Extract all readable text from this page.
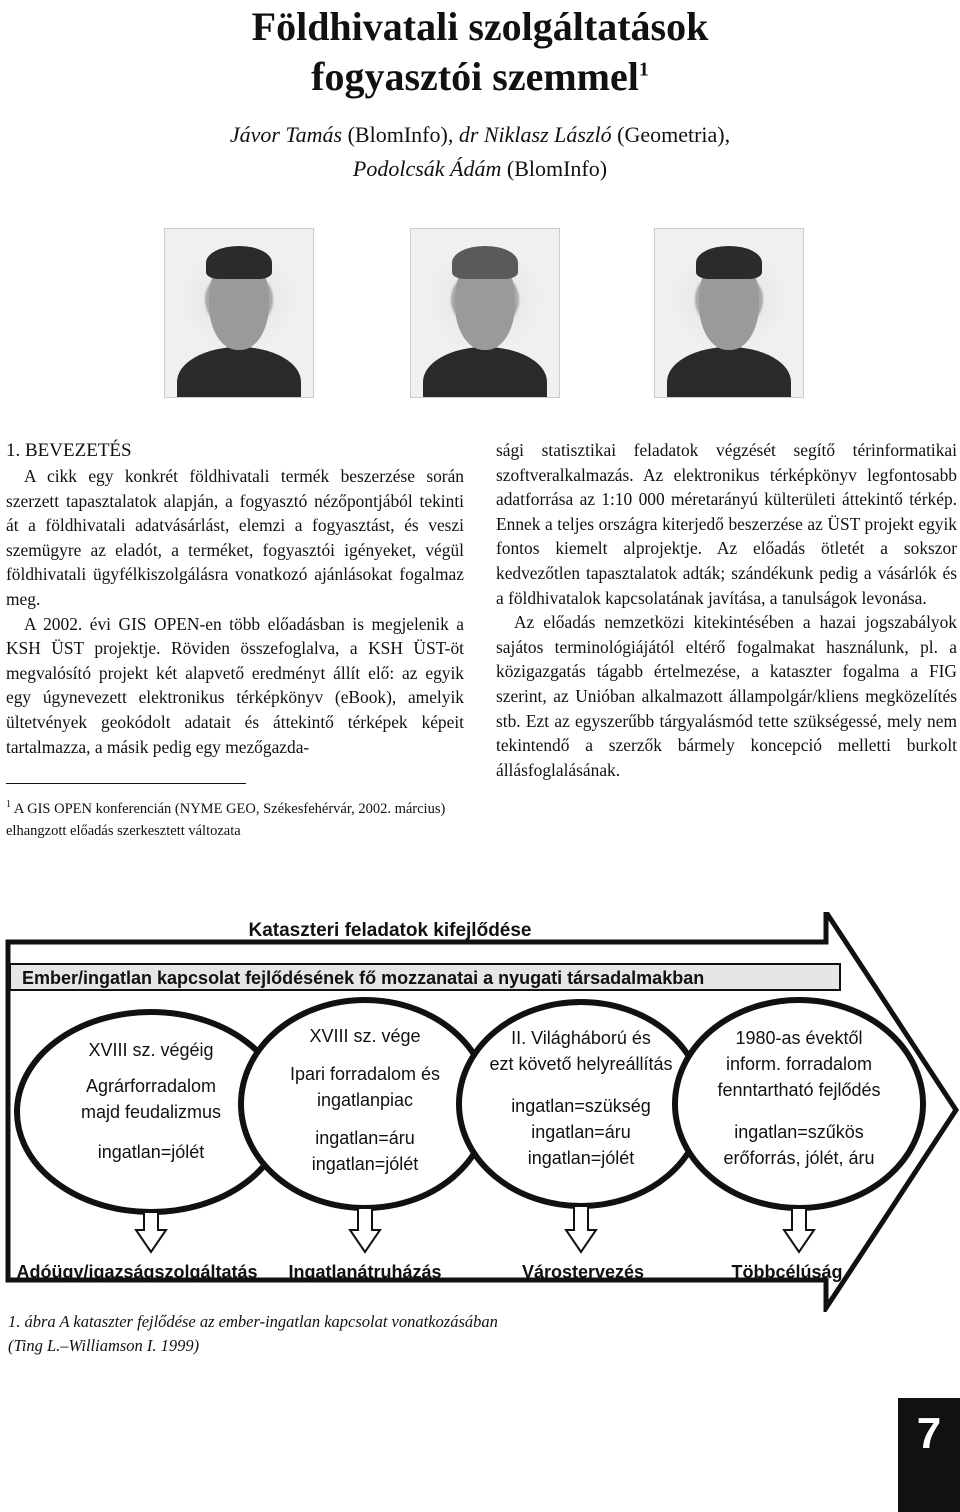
Földhivatali szolgáltatások
fogyasztói szemmel$^1$
Jávor Tamás (BlomInfo), dr Niklasz László (Geometria),
Podolcsák Ádám (BlomInfo)
1. BEVEZETÉS

A cikk egy konkrét földhivatali termék beszerzése során szerzett tapasztalatok alapján, a fogyasztó nézőpontjából tekinti át a földhivatali adatvásárlást, elemzi a fogyasztást, és veszi szemügyre az eladót, a terméket, fogyasztói igényeket, végül földhivatali ügyfélkiszolgálásra vonatkozó ajánlásokat fogalmaz meg.

A 2002. évi GIS OPEN-en több előadásban is megjelenik a KSH ÜST projektje. Röviden összefoglalva, a KSH ÜST-öt megvalósító projekt két alapvető eredményt állít elő: az egyik egy úgynevezett elektronikus térképkönyv (eBook), amelyik ültetvények geokódolt adatait és áttekintő térképek képeit tartalmazza, a másik pedig egy mezőgazda-

$^1$ A GIS OPEN konferencián (NYME GEO, Székesfehérvár, 2002. március) elhangzott előadás szerkesztett változata

sági statisztikai feladatok végzését segítő térinformatikai szoftveralkalmazás. Az elektronikus térképkönyv legfontosabb adatforrása az 1:10 000 méretarányú külterületi áttekintő térkép. Ennek a teljes országra kiterjedő beszerzése az ÜST projekt egyik fontos kiemelt alprojektje. Az előadás ötletét a sokszor kedvezőtlen tapasztalatok adták; szándékunk pedig a vásárlók és a földhivatalok kapcsolatának javítása, a tanulságok levonása.

Az előadás nemzetközi kitekintésében a hazai jogszabályok sajátos terminológiájától eltérő fogalmakat használunk, pl. a közigazgatás tágabb értelmezése, a kataszter fogalma a FIG szerint, az Unióban alkalmazott állampolgár/kliens megközelítés stb. Ezt az egyszerűbb tárgyalásmód tette szükségessé, mely nem tekintendő a szerzők bármely koncepció melletti burkolt állásfoglalásának.

Kataszteri feladatok kifejlődése
Ember/ingatlan kapcsolat fejlődésének fő mozzanatai a nyugati társadalmakban
XVIII sz. végéig
Agrárforradalom
majd feudalizmus
ingatlan=jólét
XVIII sz. vége
Ipari forradalom és
ingatlanpiac
ingatlan=áru
ingatlan=jólét
II. Világháború és
ezt követő helyreállítás
ingatlan=szükség
ingatlan=áru
ingatlan=jólét
1980-as évektől
inform. forradalom
fenntartható fejlődés
ingatlan=szűkös
erőforrás, jólét, áru
Adóügy/igazságszolgáltatás Ingatlanátruházás	Várostervezés	Többcélúság
1. ábra A kataszter fejlődése az ember-ingatlan kapcsolat vonatkozásában
(Ting L.–Williamson I. 1999)
7
